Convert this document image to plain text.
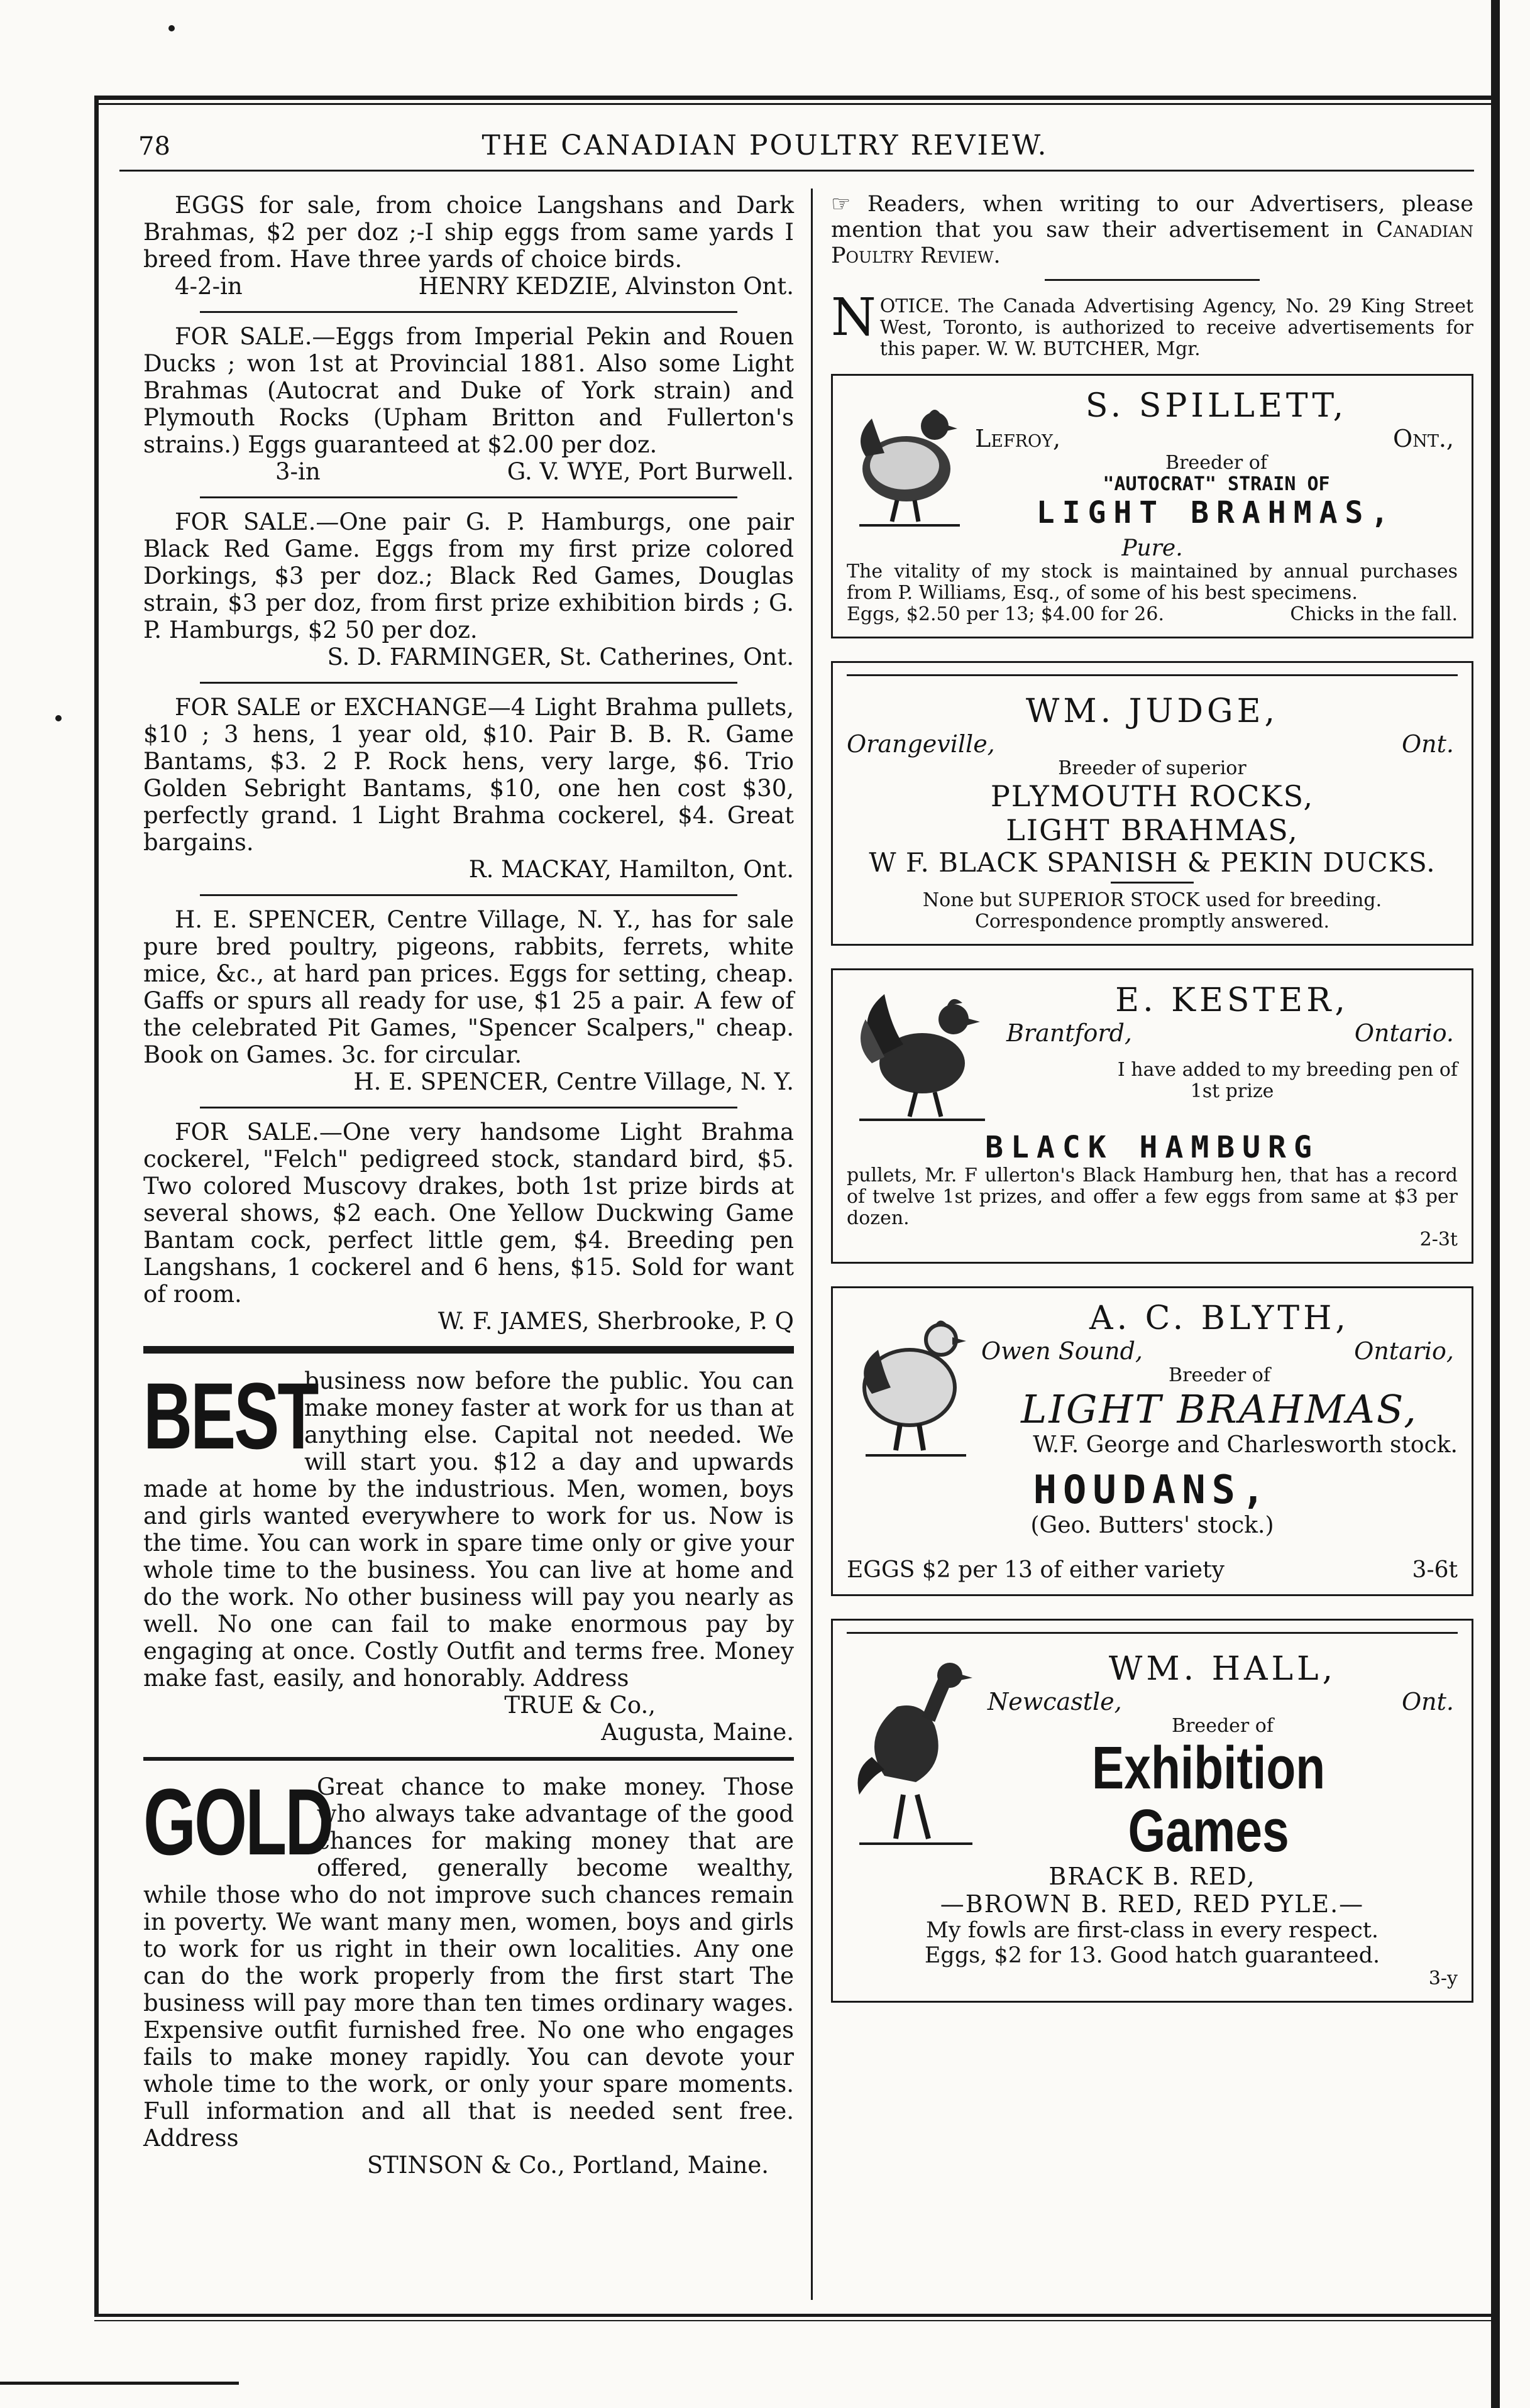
78	THE CANADIAN POULTRY REVIEW.

EGGS for sale, from choice Langshans and Dark Brahmas, $2 per doz ;-I ship eggs from same yards I breed from. Have three yards of choice birds.

4-2-in	HENRY KEDZIE, Alvinston Ont.

FOR SALE.—Eggs from Imperial Pekin and Rouen Ducks ; won 1st at Provincial 1881. Also some Light Brahmas (Autocrat and Duke of York strain) and Plymouth Rocks (Upham Britton and Fullerton's strains.) Eggs guaranteed at $2.00 per doz.

3-in	G. V. WYE, Port Burwell.

FOR SALE.—One pair G. P. Hamburgs, one pair Black Red Game. Eggs from my first prize colored Dorkings, $3 per doz.; Black Red Games, Douglas strain, $3 per doz, from first prize exhibition birds ; G. P. Hamburgs, $2 50 per doz.

S. D. FARMINGER, St. Catherines, Ont.

FOR SALE or EXCHANGE—4 Light Brahma pullets, $10 ; 3 hens, 1 year old, $10. Pair B. B. R. Game Bantams, $3. 2 P. Rock hens, very large, $6. Trio Golden Sebright Bantams, $10, one hen cost $30, perfectly grand. 1 Light Brahma cockerel, $4. Great bargains.

R. MACKAY, Hamilton, Ont.

H. E. SPENCER, Centre Village, N. Y., has for sale pure bred poultry, pigeons, rabbits, ferrets, white mice, &c., at hard pan prices. Eggs for setting, cheap. Gaffs or spurs all ready for use, $1 25 a pair. A few of the celebrated Pit Games, "Spencer Scalpers," cheap. Book on Games. 3c. for circular.

H. E. SPENCER, Centre Village, N. Y.

FOR SALE.—One very handsome Light Brahma cockerel, "Felch" pedigreed stock, standard bird, $5. Two colored Muscovy drakes, both 1st prize birds at several shows, $2 each. One Yellow Duckwing Game Bantam cock, perfect little gem, $4. Breeding pen Langshans, 1 cockerel and 6 hens, $15. Sold for want of room.

W. F. JAMES, Sherbrooke, P. Q

BEST
business now before the public. You can make money faster at work for us than at anything else. Capital not needed. We will start you. $12 a day and upwards made at home by the industrious. Men, women, boys and girls wanted everywhere to work for us. Now is the time. You can work in spare time only or give your whole time to the business. You can live at home and do the work. No other business will pay you nearly as well. No one can fail to make enormous pay by engaging at once. Costly Outfit and terms free. Money make fast, easily, and honorably. Address

TRUE & Co.,

Augusta, Maine.

GOLD
Great chance to make money. Those who always take advantage of the good chances for making money that are offered, generally become wealthy, while those who do not improve such chances remain in poverty. We want many men, women, boys and girls to work for us right in their own localities. Any one can do the work properly from the first start The business will pay more than ten times ordinary wages. Expensive outfit furnished free. No one who engages fails to make money rapidly. You can devote your whole time to the work, or only your spare moments. Full information and all that is needed sent free. Address

STINSON & Co., Portland, Maine.

☞ Readers, when writing to our Advertisers, please mention that you saw their advertisement in Canadian Poultry Review.
N OTICE. The Canada Advertising Agency, No. 29 King Street West, Toronto, is authorized to receive advertisements for this paper. W. W. BUTCHER, Mgr.
S. SPILLETT,
Lefroy,	Ont.,
Breeder of
"AUTOCRAT" STRAIN OF
LIGHT BRAHMAS,
Pure.
The vitality of my stock is maintained by annual purchases from P. Williams, Esq., of some of his best specimens.
Eggs, $2.50 per 13; $4.00 for 26.	Chicks in the fall.
WM. JUDGE,
Orangeville,	Ont.
Breeder of superior
PLYMOUTH ROCKS,
LIGHT BRAHMAS,
W F. BLACK SPANISH & PEKIN DUCKS.
None but SUPERIOR STOCK used for breeding.
Correspondence promptly answered.
E. KESTER,
Brantford,	Ontario.
I have added to my breeding pen of
1st prize
BLACK HAMBURG
pullets, Mr. F ullerton's Black Hamburg hen, that has a record of twelve 1st prizes, and offer a few eggs from same at $3 per dozen.
2-3t
A. C. BLYTH,
Owen Sound,	Ontario,
Breeder of
LIGHT BRAHMAS,
W.F. George and Charlesworth stock.
HOUDANS,
(Geo. Butters' stock.)
EGGS $2 per 13 of either variety	3-6t
WM. HALL,
Newcastle,	Ont.
Breeder of
Exhibition Games
BRACK B. RED,
—BROWN B. RED, RED PYLE.—
My fowls are first-class in every respect.
Eggs, $2 for 13. Good hatch guaranteed.
3-y
